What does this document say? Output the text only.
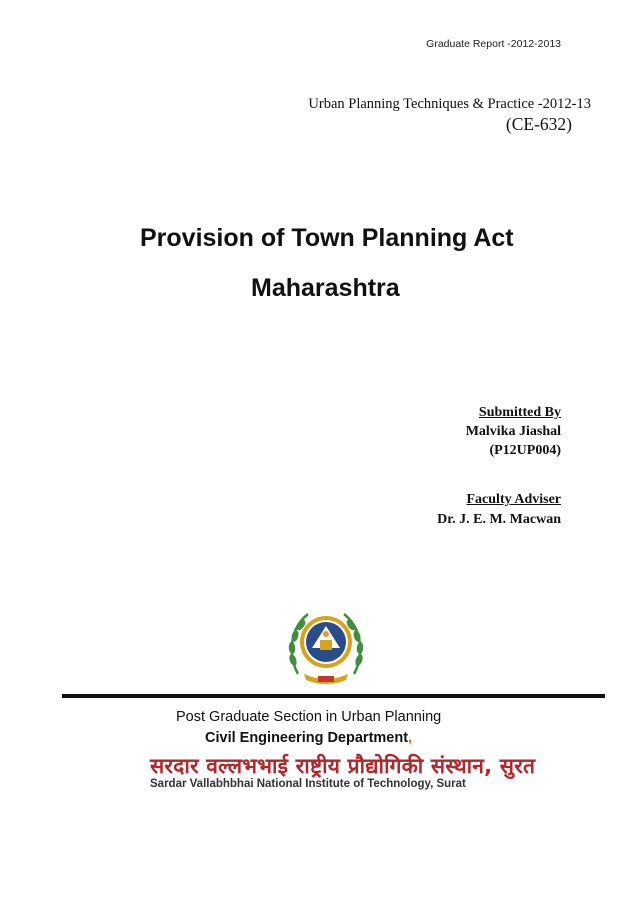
Graduate Report -2012-2013
Urban Planning Techniques & Practice -2012-13
(CE-632)
Provision of Town Planning Act
Maharashtra
Submitted By
Malvika Jiashal
(P12UP004)
Faculty Adviser
Dr. J. E. M. Macwan
Post Graduate Section in Urban Planning
Civil Engineering Department,
सरदार वल्लभभाई राष्ट्रीय प्रौद्योगिकी संस्थान, सुरत
Sardar Vallabhbhai National Institute of Technology, Surat
